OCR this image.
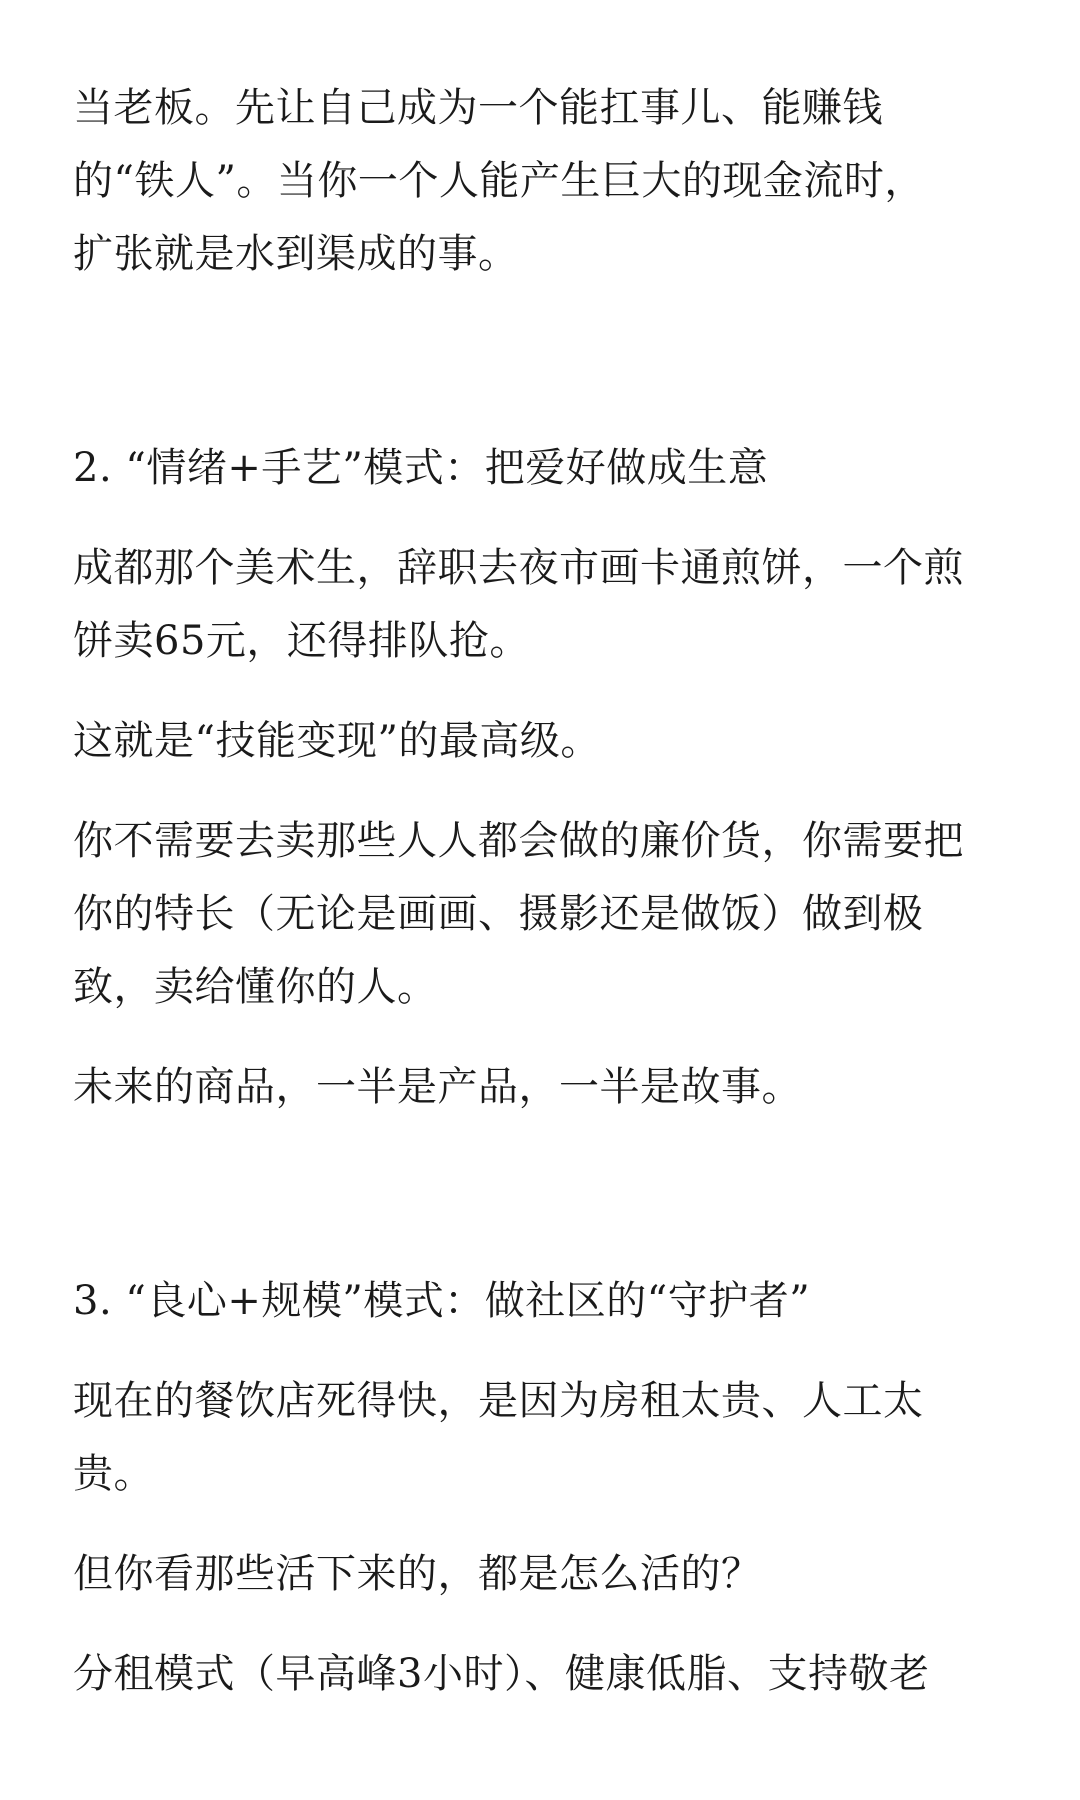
当老板。先让自己成为一个能扛事儿、能赚钱
的“铁人”。当你一个人能产生巨大的现金流时，
扩张就是水到渠成的事。

2. “情绪+手艺”模式：把爱好做成生意

成都那个美术生，辞职去夜市画卡通煎饼，一个煎
饼卖65元，还得排队抢。

这就是“技能变现”的最高级。

你不需要去卖那些人人都会做的廉价货，你需要把
你的特长（无论是画画、摄影还是做饭）做到极
致，卖给懂你的人。

未来的商品，一半是产品，一半是故事。

3. “良心+规模”模式：做社区的“守护者”

现在的餐饮店死得快，是因为房租太贵、人工太
贵。

但你看那些活下来的，都是怎么活的？

分租模式（早高峰3小时）、健康低脂、支持敬老
